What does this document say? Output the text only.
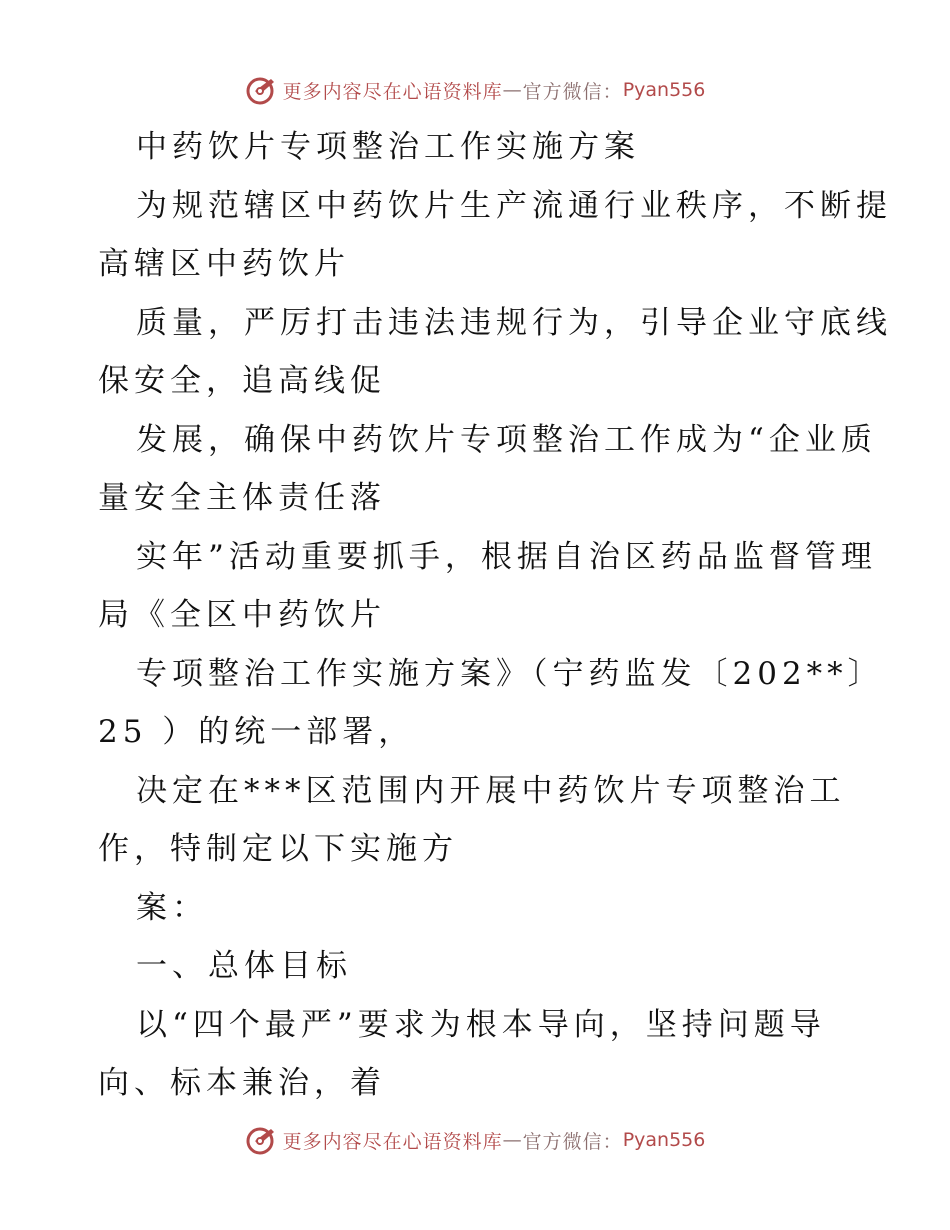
更多内容尽在心语资料库 — 官方微信： Pyan556
中药饮片专项整治工作实施方案
为规范辖区中药饮片生产流通行业秩序，不断提
高辖区中药饮片
质量，严厉打击违法违规行为，引导企业守底线
保安全，追高线促
发展，确保中药饮片专项整治工作成为“企业质
量安全主体责任落
实年”活动重要抓手，根据自治区药品监督管理
局《全区中药饮片
专项整治工作实施方案》（宁药监发〔202**〕
25 ）的统一部署，
决定在***区范围内开展中药饮片专项整治工
作，特制定以下实施方
案：
一、总体目标
以“四个最严”要求为根本导向，坚持问题导
向、标本兼治，着
更多内容尽在心语资料库 — 官方微信： Pyan556
